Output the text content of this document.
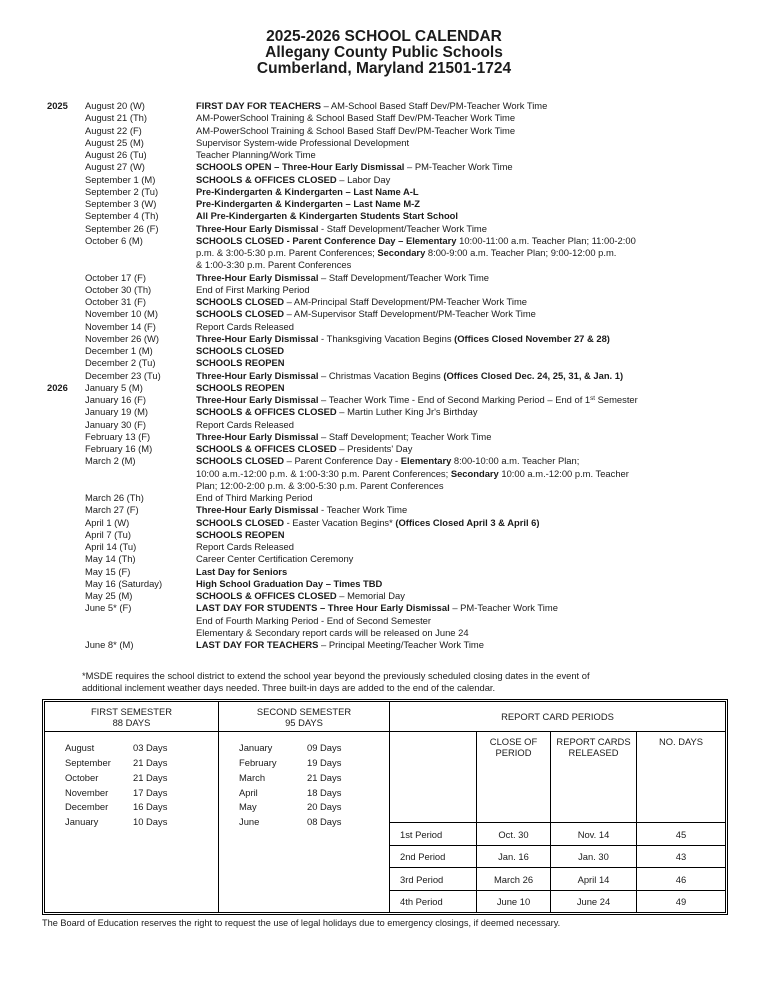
2025-2026 SCHOOL CALENDAR
Allegany County Public Schools
Cumberland, Maryland 21501-1724
2025	August 20 (W)	FIRST DAY FOR TEACHERS – AM-School Based Staff Dev/PM-Teacher Work Time
August 21 (Th)	AM-PowerSchool Training & School Based Staff Dev/PM-Teacher Work Time
August 22 (F)	AM-PowerSchool Training & School Based Staff Dev/PM-Teacher Work Time
August 25 (M)	Supervisor System-wide Professional Development
August 26 (Tu)	Teacher Planning/Work Time
August 27 (W)	SCHOOLS OPEN – Three-Hour Early Dismissal – PM-Teacher Work Time
September 1 (M)	SCHOOLS & OFFICES CLOSED – Labor Day
September 2 (Tu)	Pre-Kindergarten & Kindergarten – Last Name A-L
September 3 (W)	Pre-Kindergarten & Kindergarten – Last Name M-Z
September 4 (Th)	All Pre-Kindergarten & Kindergarten Students Start School
September 26 (F)	Three-Hour Early Dismissal - Staff Development/Teacher Work Time
October 6 (M)	SCHOOLS CLOSED - Parent Conference Day – Elementary 10:00-11:00 a.m. Teacher Plan; 11:00-2:00
p.m. & 3:00-5:30 p.m. Parent Conferences; Secondary 8:00-9:00 a.m. Teacher Plan; 9:00-12:00 p.m.
& 1:00-3:30 p.m. Parent Conferences
October 17 (F)	Three-Hour Early Dismissal – Staff Development/Teacher Work Time
October 30 (Th)	End of First Marking Period
October 31 (F)	SCHOOLS CLOSED – AM-Principal Staff Development/PM-Teacher Work Time
November 10 (M)	SCHOOLS CLOSED – AM-Supervisor Staff Development/PM-Teacher Work Time
November 14 (F)	Report Cards Released
November 26 (W)	Three-Hour Early Dismissal - Thanksgiving Vacation Begins (Offices Closed November 27 & 28)
December 1 (M)	SCHOOLS CLOSED
December 2 (Tu)	SCHOOLS REOPEN
December 23 (Tu)	Three-Hour Early Dismissal – Christmas Vacation Begins (Offices Closed Dec. 24, 25, 31, & Jan. 1)
2026	January 5 (M)	SCHOOLS REOPEN
January 16 (F)	Three-Hour Early Dismissal – Teacher Work Time - End of Second Marking Period – End of 1st Semester
January 19 (M)	SCHOOLS & OFFICES CLOSED – Martin Luther King Jr's Birthday
January 30 (F)	Report Cards Released
February 13 (F)	Three-Hour Early Dismissal – Staff Development; Teacher Work Time
February 16 (M)	SCHOOLS & OFFICES CLOSED – Presidents' Day
March 2 (M)	SCHOOLS CLOSED – Parent Conference Day - Elementary 8:00-10:00 a.m. Teacher Plan;
10:00 a.m.-12:00 p.m. & 1:00-3:30 p.m. Parent Conferences; Secondary 10:00 a.m.-12:00 p.m. Teacher
Plan; 12:00-2:00 p.m. & 3:00-5:30 p.m. Parent Conferences
March 26 (Th)	End of Third Marking Period
March 27 (F)	Three-Hour Early Dismissal - Teacher Work Time
April 1 (W)	SCHOOLS CLOSED - Easter Vacation Begins* (Offices Closed April 3 & April 6)
April 7 (Tu)	SCHOOLS REOPEN
April 14 (Tu)	Report Cards Released
May 14 (Th)	Career Center Certification Ceremony
May 15 (F)	Last Day for Seniors
May 16 (Saturday)	High School Graduation Day – Times TBD
May 25 (M)	SCHOOLS & OFFICES CLOSED – Memorial Day
June 5* (F)	LAST DAY FOR STUDENTS – Three Hour Early Dismissal – PM-Teacher Work Time
End of Fourth Marking Period - End of Second Semester
Elementary & Secondary report cards will be released on June 24
June 8* (M)	LAST DAY FOR TEACHERS – Principal Meeting/Teacher Work Time
*MSDE requires the school district to extend the school year beyond the previously scheduled closing dates in the event of
additional inclement weather days needed. Three built-in days are added to the end of the calendar.
FIRST SEMESTER
88 DAYS
August	03 Days
September	21 Days
October	21 Days
November	17 Days
December	16 Days
January	10 Days
SECOND SEMESTER
95 DAYS
January	09 Days
February	19 Days
March	21 Days
April	18 Days
May	20 Days
June	08 Days
REPORT CARD PERIODS
CLOSE OF PERIOD
REPORT CARDS RELEASED
NO. DAYS
1st Period	Oct. 30	Nov. 14	45
2nd Period	Jan. 16	Jan. 30	43
3rd Period	March 26	April 14	46
4th Period	June 10	June 24	49
The Board of Education reserves the right to request the use of legal holidays due to emergency closings, if deemed necessary.
